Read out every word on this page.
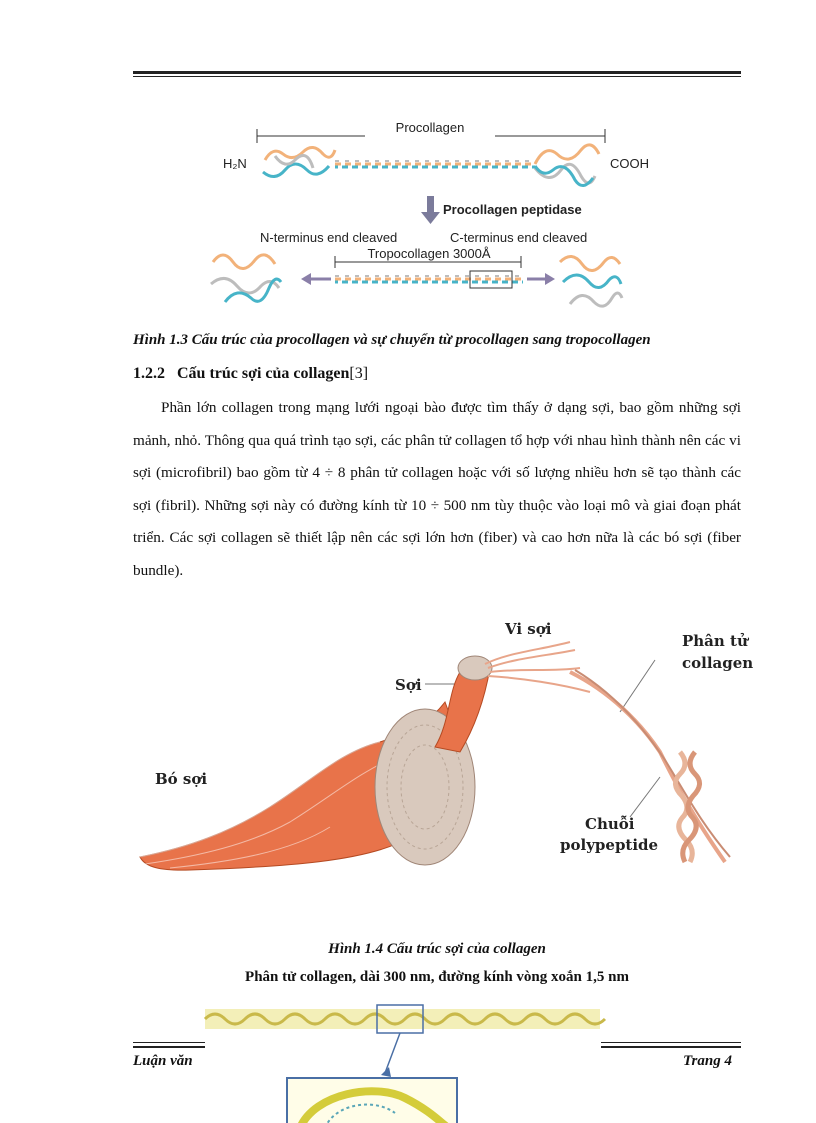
Procollagen
H₂N	COOH
Procollagen peptidase
N-terminus end cleaved	C-terminus end cleaved
Tropocollagen 3000Å
Hình 1.3 Cấu trúc của procollagen và sự chuyển từ procollagen sang tropocollagen
1.2.2 Cấu trúc sợi của collagen[3]

Phần lớn collagen trong mạng lưới ngoại bào được tìm thấy ở dạng sợi, bao gồm những sợi mảnh, nhỏ. Thông qua quá trình tạo sợi, các phân tử collagen tổ hợp với nhau hình thành nên các vi sợi (microfibril) bao gồm từ 4 ÷ 8 phân tử collagen hoặc với số lượng nhiều hơn sẽ tạo thành các sợi (fibril). Những sợi này có đường kính từ 10 ÷ 500 nm tùy thuộc vào loại mô và giai đoạn phát triển. Các sợi collagen sẽ thiết lập nên các sợi lớn hơn (fiber) và cao hơn nữa là các bó sợi (fiber bundle).

Vi sợi
Phân tử
collagen
Sợi
Bó sợi
Chuỗi
polypeptide
Hình 1.4 Cấu trúc sợi của collagen
Phân tử collagen, dài 300 nm, đường kính vòng xoắn 1,5 nm
Luận văn	Trang 4
